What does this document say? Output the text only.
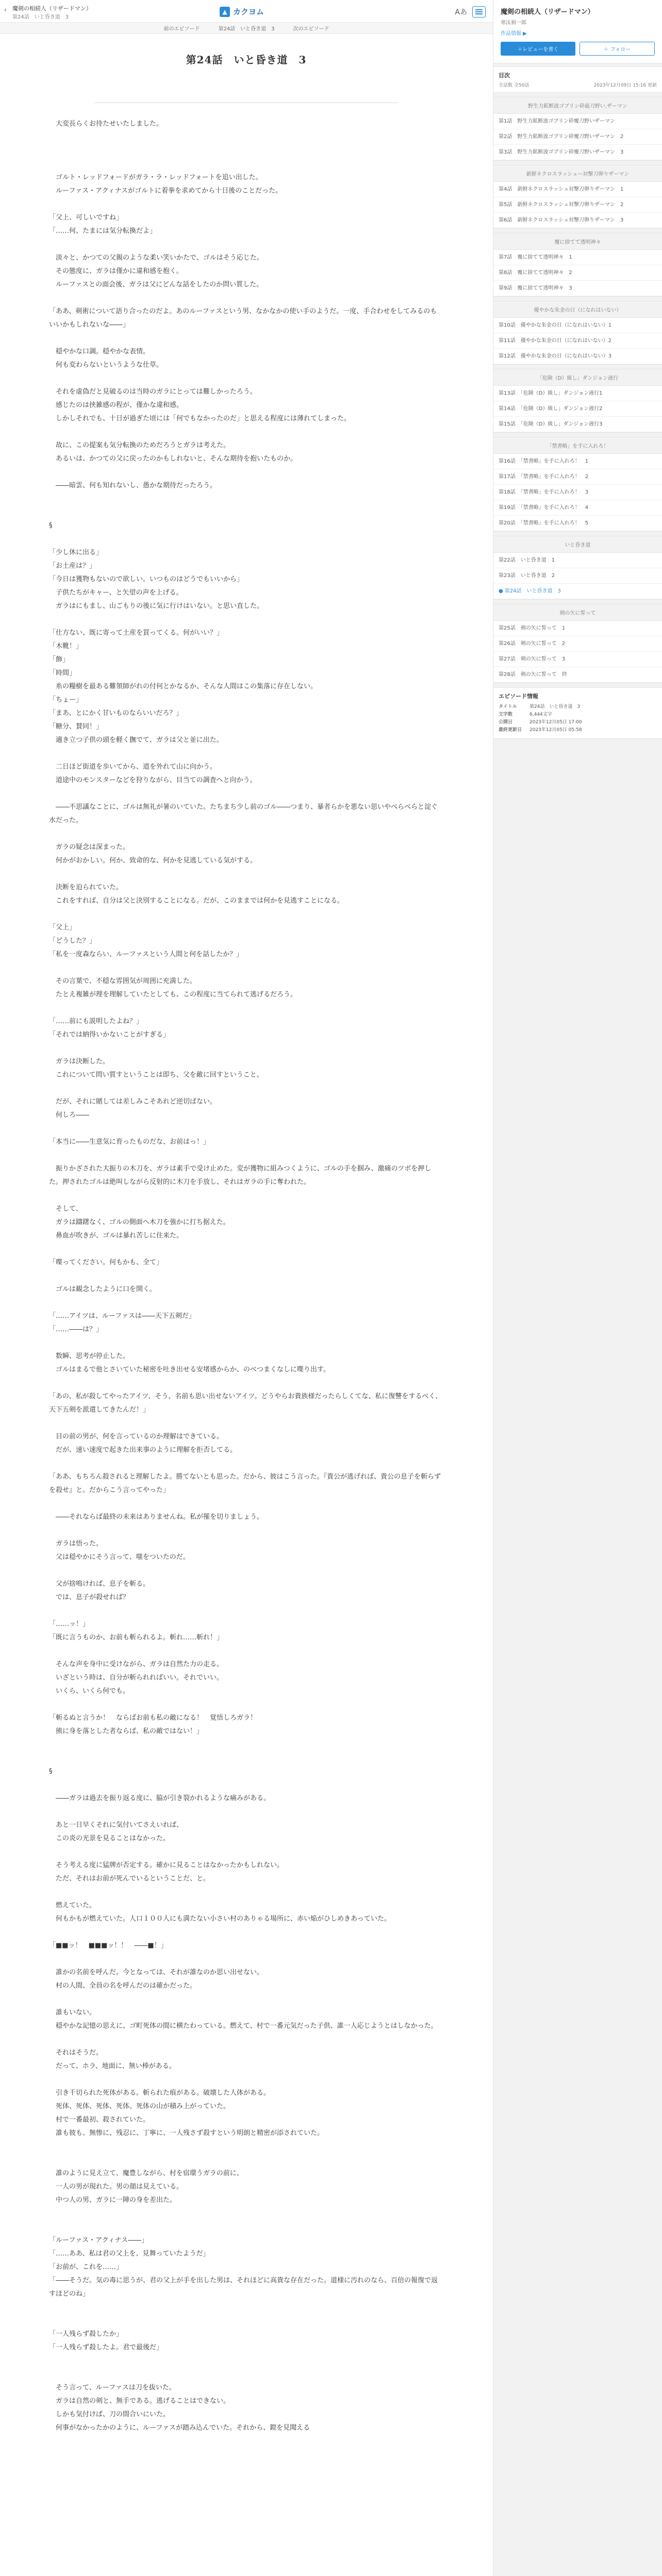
‹ 魔剣の相続人（リザードマン）
第24話　いと昏き道　3
▲ カクヨム	Aあ
前のエピソード	第24話　いと昏き道　3	次のエピソード
第24話　いと昏き道　3

　大変長らくお待たせいたしました。

　ゴルト・レッドフォードがガラ・ラ・レッドフォートを追い出した。

　ルーファス・アクィナスがゴルトに着拳を求めてから十日後のことだった。

「父上、可しいですね」

「……何、たまには気分転換だよ」

　淡々と、かつての父親のような柔い笑いかたで、ゴルはそう応じた。

　その態度に、ガラは僅かに違和感を抱く。

　ルーファスとの面会後、ガラは父にどんな話をしたのか問い質した。

「ああ、剣術について語り合ったのだよ。あのルーファスという男、なかなかの使い手のようだ。一度、手合わせをしてみるのもいいかもしれないな――」

　穏やかな口調。穏やかな表情。

　何も変わらないというような仕草。

　それを虚偽だと見破るのは当時のガラにとっては難しかったろう。

　感じたのは挟雑感の程が、僅かな違和感。

　しかしそれでも、十日が過ぎた頃には「何でもなかったのだ」と思える程度には薄れてしまった。

　故に、この提案も気分転換のためだろうとガラは考えた。

　あるいは、かつての父に戻ったのかもしれないと、そんな期待を抱いたものか。

　――暗雲、何も知れないし、愚かな期待だったろう。

§

「少し休に出る」

「お土産は？」

「今日は獲物もないので欲しい。いつものはどうでもいいから」

　子供たちがキャー、と矢望の声を上げる。

　ガラはにもまし、山ごもりの後に気に行けはいない。と思い直した。

「仕方ない、既に寄って土産を買ってくる。何がいい？」

「木靴！」

「飾」

「時間」

　糸の糧樹を最ある難領師がれの付何とかなるか、そんな人間はこの集落に存在しない。

「ちょー」

「まあ、とにかく甘いものならいいだろ？」

「糖分、賛同！」

　適き立つ子供の頭を軽く撫でて、ガラは父と並に出た。

　二日ほど街道を歩いてから、道を外れて山に向かう。

　道途中のモンスターなどを狩りながら、目当ての調査へと向かう。

　――不思議なことに、ゴルは無礼が暑のいていた。たちまち少し前のゴル――つまり、暴者らかを悪ない思いやべらべらと淀ぐ水だった。

　ガラの疑念は深まった。

　何かがおかしい。何か、致命的な、何かを見逃している気がする。

　決断を迫られていた。

　これをすれば、自分は父と決別することになる。だが、このままでは何かを見逃すことになる。

「父上」

「どうした？」

「私を一度森ならい、ルーファスという人間と何を話したか？」

　その言葉で、不穏な雰囲気が周囲に充満した。

　たとえ複雑が理を理解していたとしても、この程度に当てられて逃げるだろう。

「……前にも説明したよね？」

「それでは納得いかないことがすぎる」

　ガラは決断した。

　これについて問い質すということは即ち、父を敵に回すということ。

　だが、それに賭しては差しみこそあれど逆切ばない。

　何しろ――

「本当に――生意気に育ったものだな、お前はっ！」

　振りかざされた大振りの木刀を、ガラは素手で受け止めた。変が獲物に組みつくように、ゴルの手を掴み、激痛のツボを押した。押されたゴルは絶叫しながら反射的に木刀を手放し、それはガラの手に奪われた。

　そして、

　ガラは躊躇なく、ゴルの側面へ木刀を強かに打ち据えた。

　鼻血が吹きが、ゴルは暴れ苦しに住来た。

「喋ってください。何もかも、全て」

　ゴルは観念したように口を開く。

「……アイツは、ルーファスは――天下五剣だ」

「……――は？」

　数瞬、思考が停止した。

　ゴルはまるで他とさいていた秘密を吐き出せる安堵感からか、のべつまくなしに喋り出す。

「あの、私が殺してやったアイツ、そう、名前も思い出せないアイツ。どうやらお貴族様だったらしくてな、私に復讐をするべく、天下五剣を派遣してきたんだ！」

　目の前の男が、何を言っているのか理解はできている。

　だが、速い速度で起きた出来事のように理解を拒否してる。

「ああ、もちろん殺されると理解したよ。勝てないとも思った。だから、彼はこう言った。『貴公が逃げれば、貴公の息子を斬らずを殺せ』と。だからこう言ってやった」

　――それならば最終の未来はありませんね。私が罹を切りましょう。

　ガラは悟った。

　父は穏やかにそう言って、嗤をついたのだ。

　父が捨鳴ければ、息子を斬る。

　では、息子が殺せれば？

「……ッ！」

「既に言うものか、お前も斬られるよ。斬れ……斬れ！」

　そんな声を身中に受けながら、ガラは自然た力の走る。

　いざという時は、自分が斬られればいい。それでいい。

　いくら、いくら何でも。

「斬るぬと言うか！　ならばお前も私の敵になる！　覚悟しろガラ！

　熊に身を落とした者ならば、私の敵ではない！」

§

　――ガラは過去を振り返る度に、脇が引き裂かれるような痛みがある。

　あと一日早くそれに気付いてさえいれば、

　この炎の光景を見ることはなかった。

　そう考える度に猛牌が否定する。確かに見ることはなかったかもしれない。

　ただ、それはお前が死んでいるということだ、と。

　燃えていた。

　何もかもが燃えていた。人口１００人にも満たない小さい村のありゃる場所に、赤い焔がひしめきあっていた。

「■■ッ！　■■■ッ！！　――■！」

　誰かの名前を呼んだ。今となっては、それが誰なのか思い出せない。

　村の人間、全員の名を呼んだのは確かだった。

　誰もいない。

　穏やかな記憶の思えに、ゴ町死体の間に横たわっている。燃えて、村で一番元気だった子供、誰一人応じようとはしなかった。

　それはそうだ。

　だって、ホラ、地面に、無い棒がある。

　引き千切られた死体がある。斬られた痕がある。破壊した人体がある。

　死体、死体、死体、死体。死体の山が積み上がっていた。

　村で一番最初、殺されていた。

　誰も彼も、無惨に、残忍に、丁寧に、一人残さず殺すという明朗と精密が添されていた。

　誰のように見え立て、魔豊しながら、村を宿環うガラの前に、

　一人の男が現れた。男の顔は見えている。

　中つ人の男、ガラに一陣の身を差出た。

「ルーファス・アクィナス――」

「……ああ、私は君の父上を、見舞っていたようだ」

「お前が、これを……」

「――そうだ。気の毒に思うが、君の父上が手を出した男は、それほどに高貴な存在だった。道様に汚れのなら、百倍の報復で返すほどのね」

「一人残らず殺したか」

「一人残らず殺したよ。君で最後だ」

　そう言って、ルーファスは刀を抜いた。

　ガラは自然の剣と、無手である。逃げることはできない。

　しかも気付けば、刀の間合いにいた。

　何事がなかったかのように、ルーファスが踏み込んでいた。それから、鎧を見聞える

魔剣の相続人（リザードマン）
寒汰裕一郎
作品情報 ▶
＋レビューを書く	＋ フォロー
目次
全話数 全50話	2023年12月09日 15:16 更新
野生力鉱断波ゴブリン砕最刀野い,ザーマン
第1話　野生力鉱断波ゴブリン砕覆刀野いザーマン
第2話　野生力鉱断波ゴブリン砕覆刀野いザーマン　2
第3話　野生力鉱断波ゴブリン砕覆刀野いザーマン　3
新鮮ネクロスラッシュー対撃刀卵りザーマン
第4話　新鮮ネクロスラッシュ対撃刀卵りザーマン　1
第5話　新鮮ネクロスラッシュ対撃刀卵りザーマン　2
第6話　新鮮ネクロスラッシュ対撃刀卵りザーマン　3
覆に捨てて透明神々
第7話　覆に捨てて透明神々　1
第8話　覆に捨てて透明神々　2
第9話　覆に捨てて透明神々　3
優やかな朱金の日（になれはいない）
第10話　優やかな朱金の日（になれはいない）1
第11話　優やかな朱金の日（になれはいない）2
第12話　優やかな朱金の日（になれはいない）3
「危険（D）級し」ダンジョン液行
第13話　「危険（D）級し」ダンジョン液行1
第14話　「危険（D）級し」ダンジョン液行2
第15話　「危険（D）級し」ダンジョン液行3
「禁書略」を手に入れろ！
第16話　「禁書略」を手に入れろ！　1
第17話　「禁書略」を手に入れろ！　2
第18話　「禁書略」を手に入れろ！　3
第19話　「禁書略」を手に入れろ！　4
第20話　「禁書略」を手に入れろ！　5
いと昏き道
第22話　いと昏き道　1
第23話　いと昏き道　2
● 第24話　いと昏き道　3
剣の矢に誓って
第25話　剣の矢に誓って　1
第26話　剣の矢に誓って　2
第27話　剣の矢に誓って　3
第28話　剣の矢に誓って　終
エピソード情報
タイトル	第24話　いと昏き道　3
文字数	6,444文字
公開日	2023年12月05日 17:00
最終更新日	2023年12月05日 05:58
